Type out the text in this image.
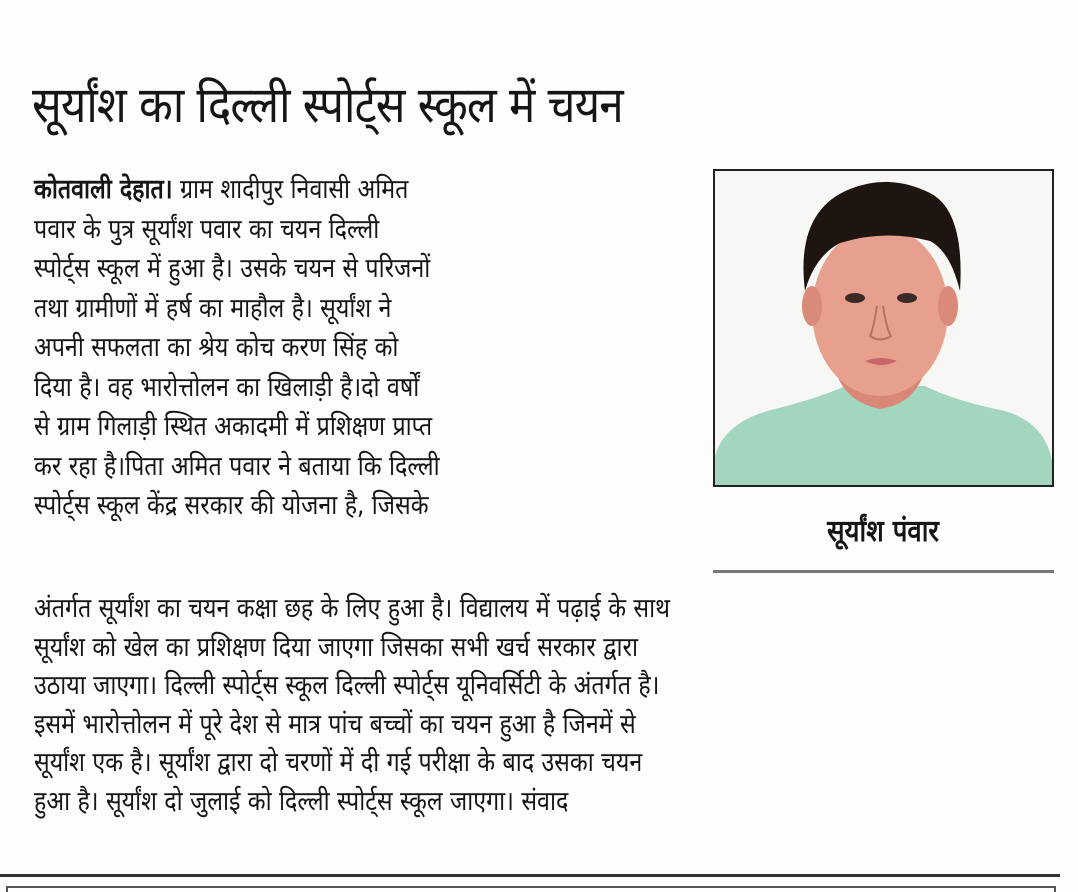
सूर्यांश का दिल्ली स्पोर्ट्स स्कूल में चयन
कोतवाली देहात। ग्राम शादीपुर निवासी अमित
पवार के पुत्र सूर्यांश पवार का चयन दिल्ली
स्पोर्ट्स स्कूल में हुआ है। उसके चयन से परिजनों
तथा ग्रामीणों में हर्ष का माहौल है। सूर्यांश ने
अपनी सफलता का श्रेय कोच करण सिंह को
दिया है। वह भारोत्तोलन का खिलाड़ी है।दो वर्षों
से ग्राम गिलाड़ी स्थित अकादमी में प्रशिक्षण प्राप्त
कर रहा है।पिता अमित पवार ने बताया कि दिल्ली
स्पोर्ट्स स्कूल केंद्र सरकार की योजना है, जिसके
सूर्यांश पंवार
अंतर्गत सूर्यांश का चयन कक्षा छह के लिए हुआ है। विद्यालय में पढ़ाई के साथ
सूर्यांश को खेल का प्रशिक्षण दिया जाएगा जिसका सभी खर्च सरकार द्वारा
उठाया जाएगा। दिल्ली स्पोर्ट्स स्कूल दिल्ली स्पोर्ट्स यूनिवर्सिटी के अंतर्गत है।
इसमें भारोत्तोलन में पूरे देश से मात्र पांच बच्चों का चयन हुआ है जिनमें से
सूर्यांश एक है। सूर्यांश द्वारा दो चरणों में दी गई परीक्षा के बाद उसका चयन
हुआ है। सूर्यांश दो जुलाई को दिल्ली स्पोर्ट्स स्कूल जाएगा। संवाद
